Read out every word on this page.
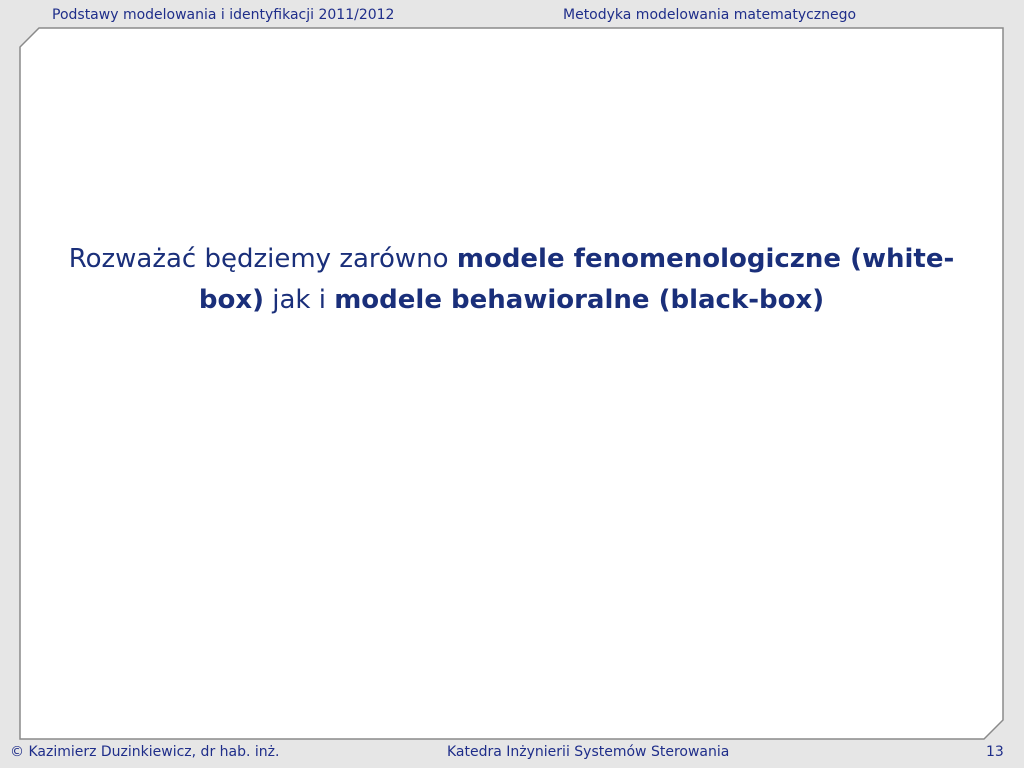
Podstawy modelowania i identyfikacji 2011/2012	Metodyka modelowania matematycznego
Rozważać będziemy zarówno modele fenomenologiczne (white-box) jak i modele behawioralne (black-box)
© Kazimierz Duzinkiewicz, dr hab. inż.	Katedra Inżynierii Systemów Sterowania	13
